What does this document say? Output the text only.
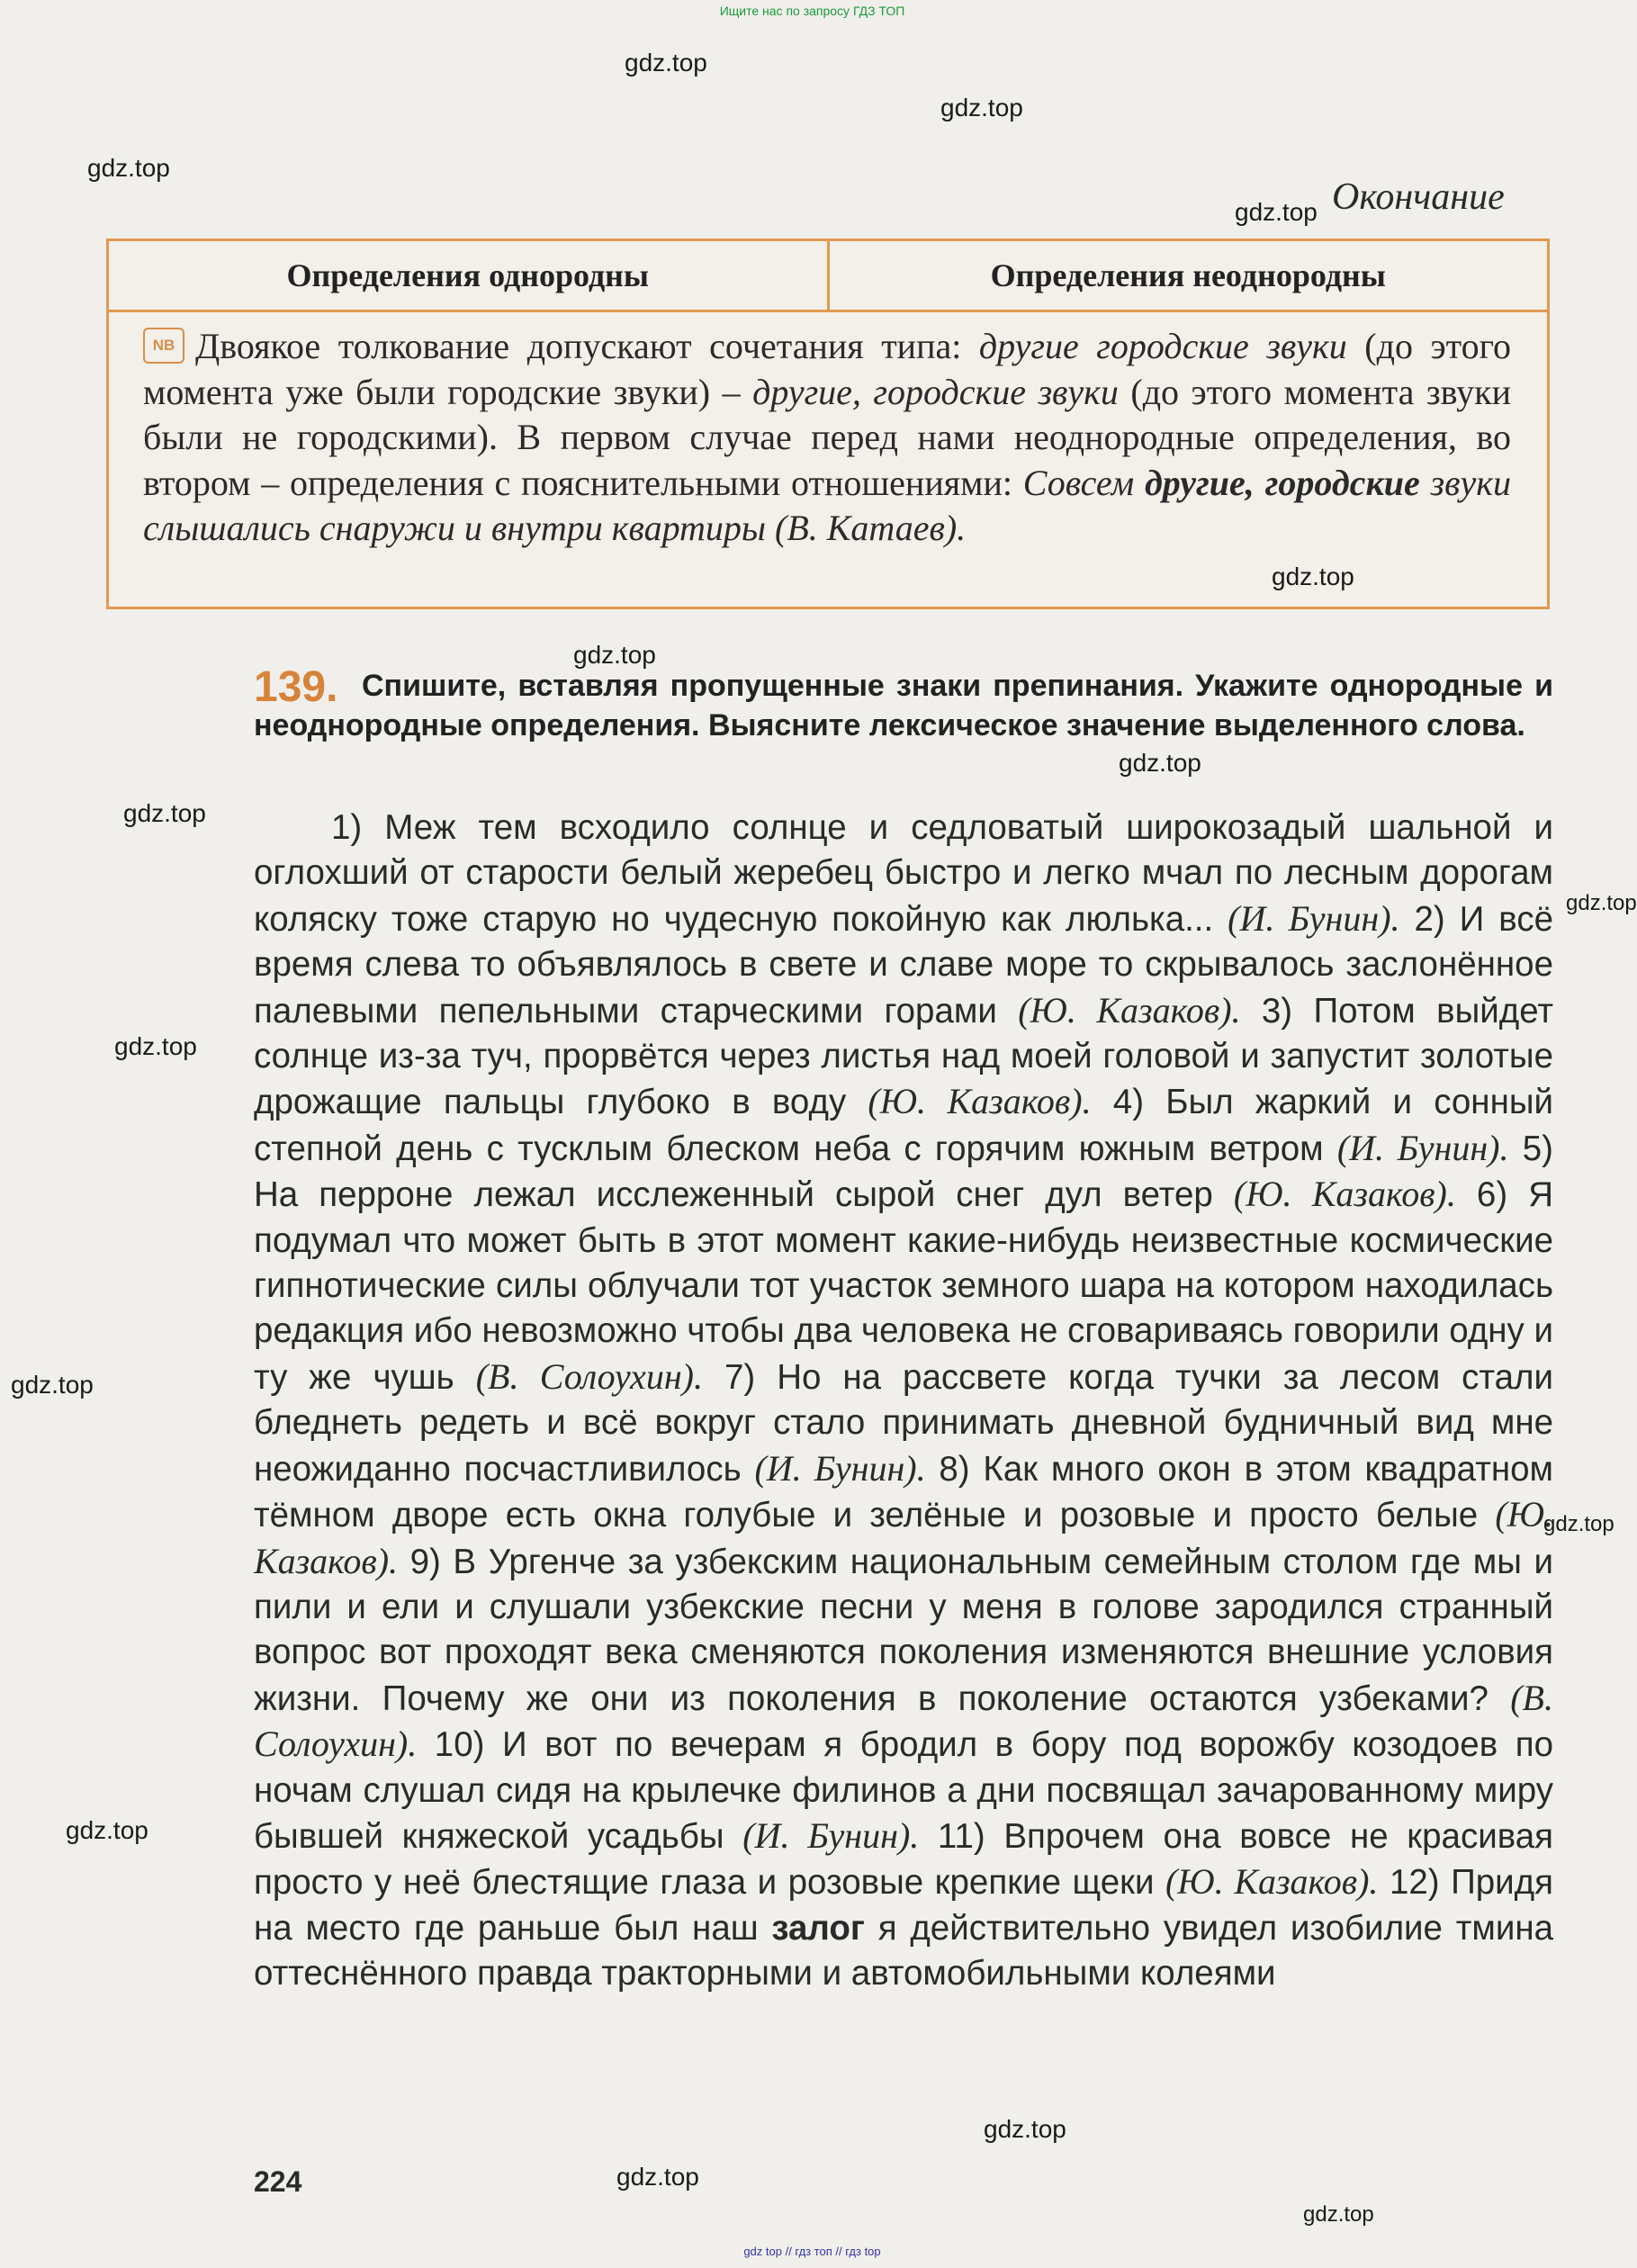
Ищите нас по запросу ГДЗ ТОП
gdz.top
gdz.top
gdz.top
gdz.top Окончание
Определения однородны	Определения неоднородны
NB Двоякое толкование допускают сочетания типа: другие городские звуки (до этого момента уже были городские звуки) – другие, городские звуки (до этого момента звуки были не городскими). В первом случае перед нами неоднородные определения, во втором – определения с пояснительными отношениями: Совсем другие, городские звуки слышались снаружи и внутри квартиры (В. Катаев).
gdz.top
gdz.top
139. Спишите, вставляя пропущенные знаки препинания. Укажите однородные и неоднородные определения. Выясните лексическое значение выделенного слова.
gdz.top
gdz.top	1) Меж тем всходило солнце и седловатый широкозадый шальной и оглохший от старости белый жеребец быстро и легко мчал по лесным дорогам коляску тоже старую но чудесную покойную как люлька... (И. Бунин). 2) И всё время слева то объявлялось в свете и славе море то скрывалось заслонённое палевыми пепельными старческими горами (Ю. Казаков). 3) Потом выйдет солнце из-за туч, прорвётся через листья над моей головой и запустит золотые дрожащие пальцы глубоко в воду (Ю. Казаков). 4) Был жаркий и сонный степной день с тусклым блеском неба с горячим южным ветром (И. Бунин). 5) На перроне лежал исслеженный сырой снег дул ветер (Ю. Казаков). 6) Я подумал что может быть в этот момент какие-нибудь неизвестные космические гипнотические силы облучали тот участок земного шара на котором находилась редакция ибо невозможно чтобы два человека не сговариваясь говорили одну и ту же чушь (В. Солоухин). 7) Но на рассвете когда тучки за лесом стали бледнеть редеть и всё вокруг стало принимать дневной будничный вид мне неожиданно посчастливилось (И. Бунин). 8) Как много окон в этом квадратном тёмном дворе есть окна голубые и зелёные и розовые и просто белые (Ю. Казаков). 9) В Ургенче за узбекским национальным семейным столом где мы и пили и ели и слушали узбекские песни у меня в голове зародился странный вопрос вот проходят века сменяются поколения изменяются внешние условия жизни. Почему же они из поколения в поколение остаются узбеками? (В. Солоухин). 10) И вот по вечерам я бродил в бору под ворожбу козодоев по ночам слушал сидя на крылечке филинов а дни посвящал зачарованному миру бывшей княжеской усадьбы (И. Бунин). 11) Впрочем она вовсе не красивая просто у неё блестящие глаза и розовые крепкие щеки (Ю. Казаков). 12) Придя на место где раньше был наш залог я действительно увидел изобилие тмина оттеснённого правда тракторными и автомобильными колеями
gdz.top
gdz.top
gdz.top
gdz.top
gdz.top
gdz.top
gdz.top
gdz.top
224
gdz top // гдз топ // гдз top
